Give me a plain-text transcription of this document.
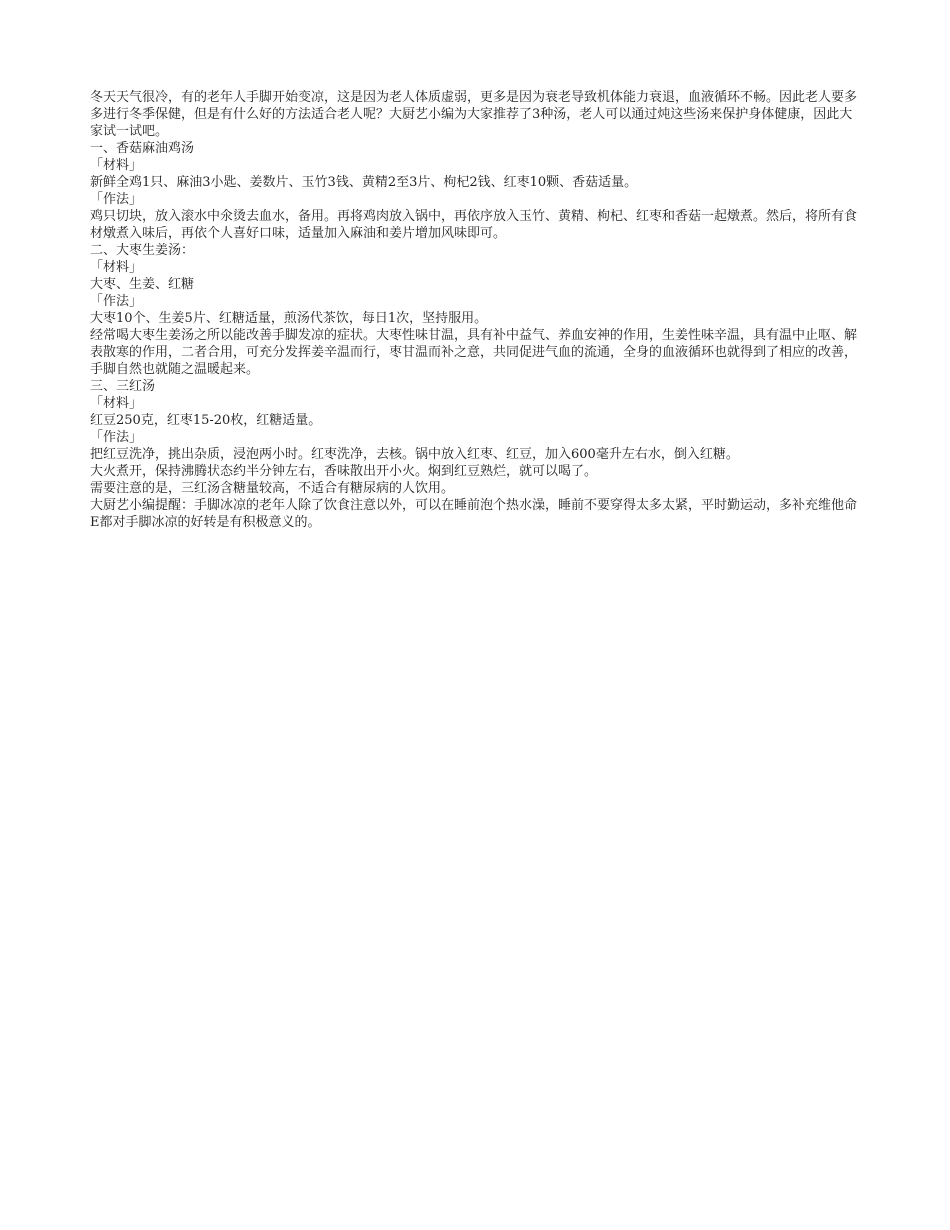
冬天天气很冷，有的老年人手脚开始变凉，这是因为老人体质虚弱，更多是因为衰老导致机体能力衰退，血液循环不畅。因此老人要多多进行冬季保健，但是有什么好的方法适合老人呢？大厨艺小编为大家推荐了3种汤，老人可以通过炖这些汤来保护身体健康，因此大家试一试吧。

一、香菇麻油鸡汤

「材料」

新鲜全鸡1只、麻油3小匙、姜数片、玉竹3钱、黄精2至3片、枸杞2钱、红枣10颗、香菇适量。

「作法」

鸡只切块，放入滚水中氽烫去血水，备用。再将鸡肉放入锅中，再依序放入玉竹、黄精、枸杞、红枣和香菇一起燉煮。然后，将所有食材燉煮入味后，再依个人喜好口味，适量加入麻油和姜片增加风味即可。

二、大枣生姜汤：

「材料」

大枣、生姜、红糖

「作法」

大枣10个、生姜5片、红糖适量，煎汤代茶饮，每日1次，坚持服用。

经常喝大枣生姜汤之所以能改善手脚发凉的症状。大枣性味甘温，具有补中益气、养血安神的作用，生姜性味辛温，具有温中止呕、解表散寒的作用，二者合用，可充分发挥姜辛温而行，枣甘温而补之意，共同促进气血的流通，全身的血液循环也就得到了相应的改善，手脚自然也就随之温暖起来。

三、三红汤

「材料」

红豆250克，红枣15-20枚，红糖适量。

「作法」

把红豆洗净，挑出杂质，浸泡两小时。红枣洗净，去核。锅中放入红枣、红豆，加入600毫升左右水，倒入红糖。

大火煮开，保持沸腾状态约半分钟左右，香味散出开小火。焖到红豆熟烂，就可以喝了。

需要注意的是，三红汤含糖量较高，不适合有糖尿病的人饮用。

大厨艺小编提醒：手脚冰凉的老年人除了饮食注意以外，可以在睡前泡个热水澡，睡前不要穿得太多太紧，平时勤运动，多补充维他命E都对手脚冰凉的好转是有积极意义的。
